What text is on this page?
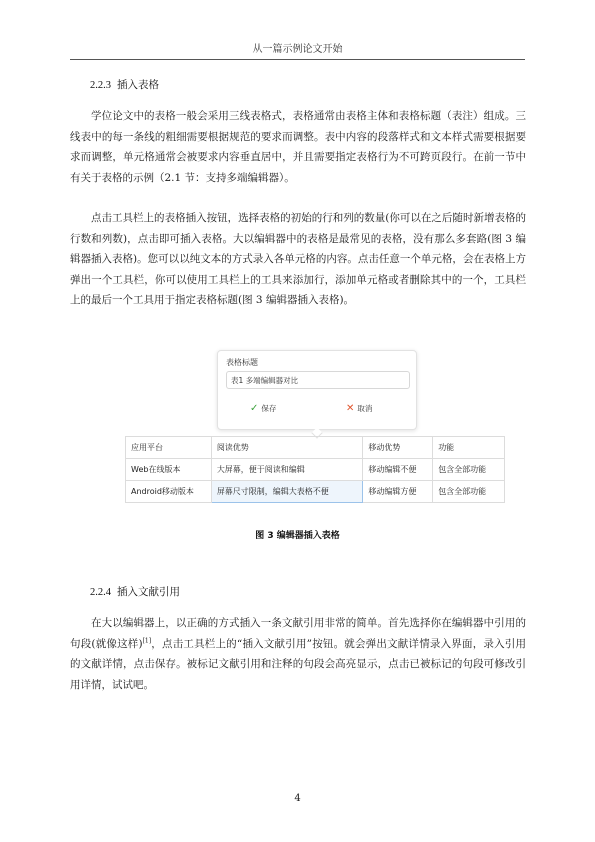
从一篇示例论文开始
2.2.3 插入表格

学位论文中的表格一般会采用三线表格式，表格通常由表格主体和表格标题（表注）组成。三线表中的每一条线的粗细需要根据规范的要求而调整。表中内容的段落样式和文本样式需要根据要求而调整，单元格通常会被要求内容垂直居中，并且需要指定表格行为不可跨页段行。在前一节中有关于表格的示例（2.1 节：支持多端编辑器）。

点击工具栏上的表格插入按钮，选择表格的初始的行和列的数量(你可以在之后随时新增表格的行数和列数)，点击即可插入表格。大以编辑器中的表格是最常见的表格，没有那么多套路(图 3 编辑器插入表格)。您可以以纯文本的方式录入各单元格的内容。点击任意一个单元格，会在表格上方弹出一个工具栏，你可以使用工具栏上的工具来添加行，添加单元格或者删除其中的一个，工具栏上的最后一个工具用于指定表格标题(图 3 编辑器插入表格)。

表格标题
表1 多端编辑器对比
✓ 保存	✕ 取消
应用平台	阅读优势	移动优势	功能
Web在线版本	大屏幕，便于阅读和编辑	移动编辑不便	包含全部功能
Android移动版本	屏幕尺寸限制，编辑大表格不便	移动编辑方便	包含全部功能
图 3 编辑器插入表格
2.2.4 插入文献引用

在大以编辑器上，以正确的方式插入一条文献引用非常的简单。首先选择你在编辑器中引用的句段(就像这样)[1]，点击工具栏上的“插入文献引用”按钮。就会弹出文献详情录入界面，录入引用的文献详情，点击保存。被标记文献引用和注释的句段会高亮显示，点击已被标记的句段可修改引用详情，试试吧。

4
